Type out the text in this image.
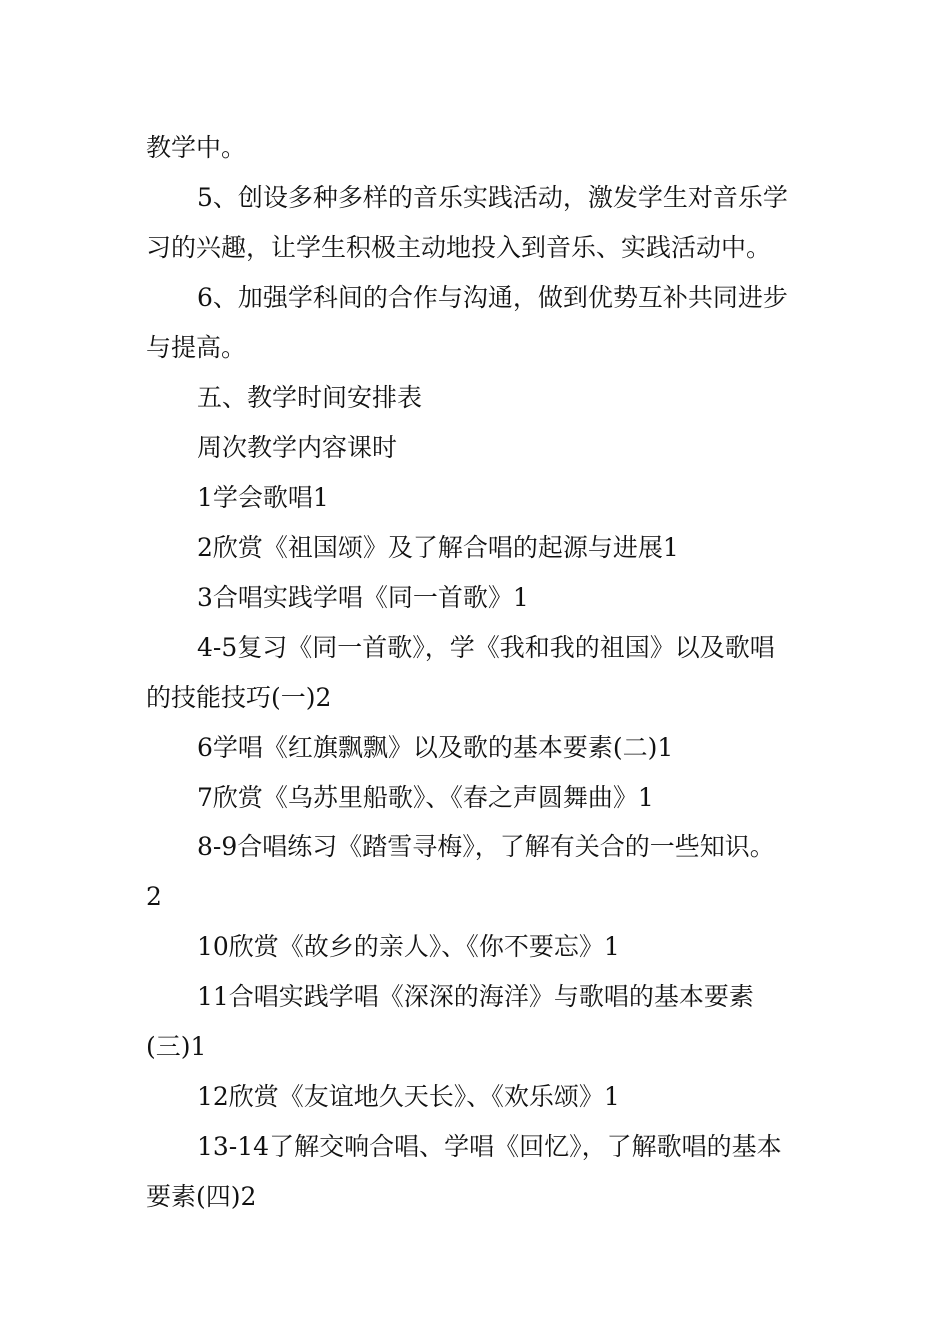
教学中。
5、创设多种多样的音乐实践活动，激发学生对音乐学
习的兴趣，让学生积极主动地投入到音乐、实践活动中。
6、加强学科间的合作与沟通，做到优势互补共同进步
与提高。
五、教学时间安排表
周次教学内容课时
1学会歌唱1
2欣赏《祖国颂》及了解合唱的起源与进展1
3合唱实践学唱《同一首歌》1
4-5复习《同一首歌》，学《我和我的祖国》以及歌唱
的技能技巧(一)2
6学唱《红旗飘飘》以及歌的基本要素(二)1
7欣赏《乌苏里船歌》、《春之声圆舞曲》1
8-9合唱练习《踏雪寻梅》，了解有关合的一些知识。
2
10欣赏《故乡的亲人》、《你不要忘》1
11合唱实践学唱《深深的海洋》与歌唱的基本要素
(三)1
12欣赏《友谊地久天长》、《欢乐颂》1
13-14了解交响合唱、学唱《回忆》，了解歌唱的基本
要素(四)2
